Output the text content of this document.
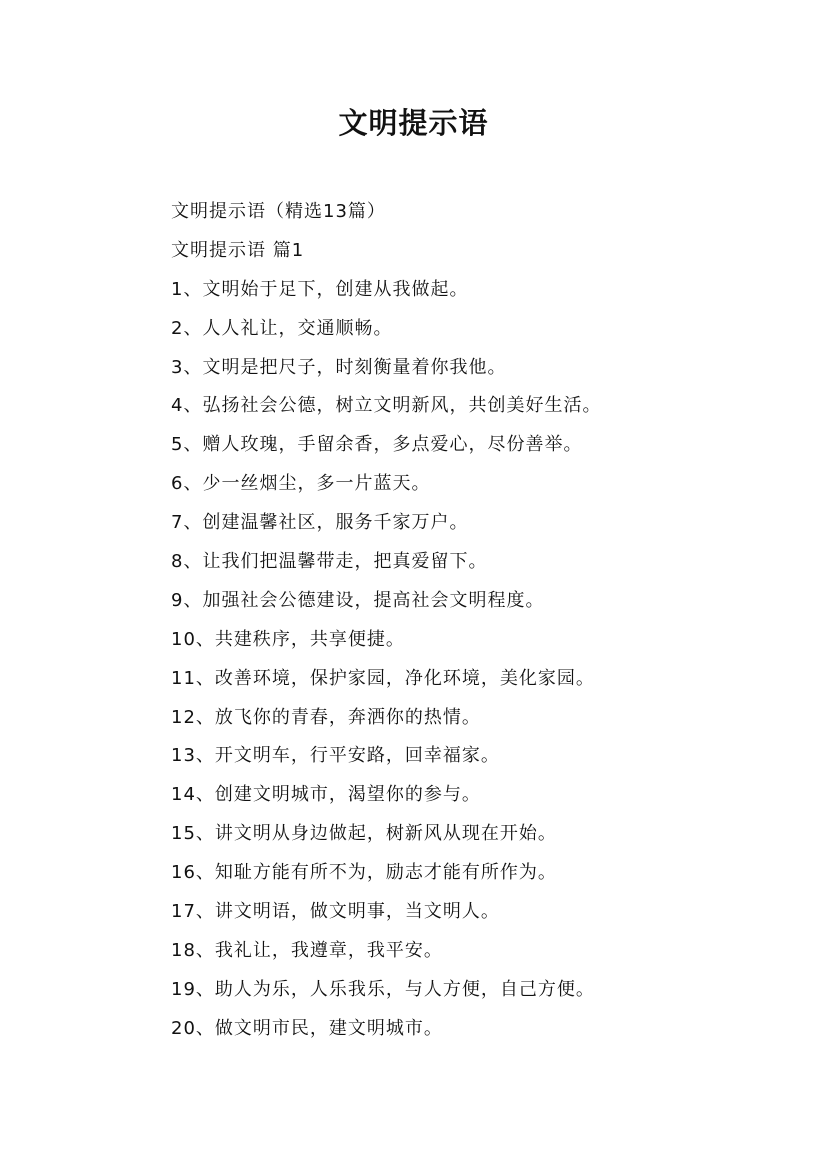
文明提示语
文明提示语（精选13篇）
文明提示语 篇1
1、文明始于足下，创建从我做起。
2、人人礼让，交通顺畅。
3、文明是把尺子，时刻衡量着你我他。
4、弘扬社会公德，树立文明新风，共创美好生活。
5、赠人玫瑰，手留余香，多点爱心，尽份善举。
6、少一丝烟尘，多一片蓝天。
7、创建温馨社区，服务千家万户。
8、让我们把温馨带走，把真爱留下。
9、加强社会公德建设，提高社会文明程度。
10、共建秩序，共享便捷。
11、改善环境，保护家园，净化环境，美化家园。
12、放飞你的青春，奔洒你的热情。
13、开文明车，行平安路，回幸福家。
14、创建文明城市，渴望你的参与。
15、讲文明从身边做起，树新风从现在开始。
16、知耻方能有所不为，励志才能有所作为。
17、讲文明语，做文明事，当文明人。
18、我礼让，我遵章，我平安。
19、助人为乐，人乐我乐，与人方便，自己方便。
20、做文明市民，建文明城市。
